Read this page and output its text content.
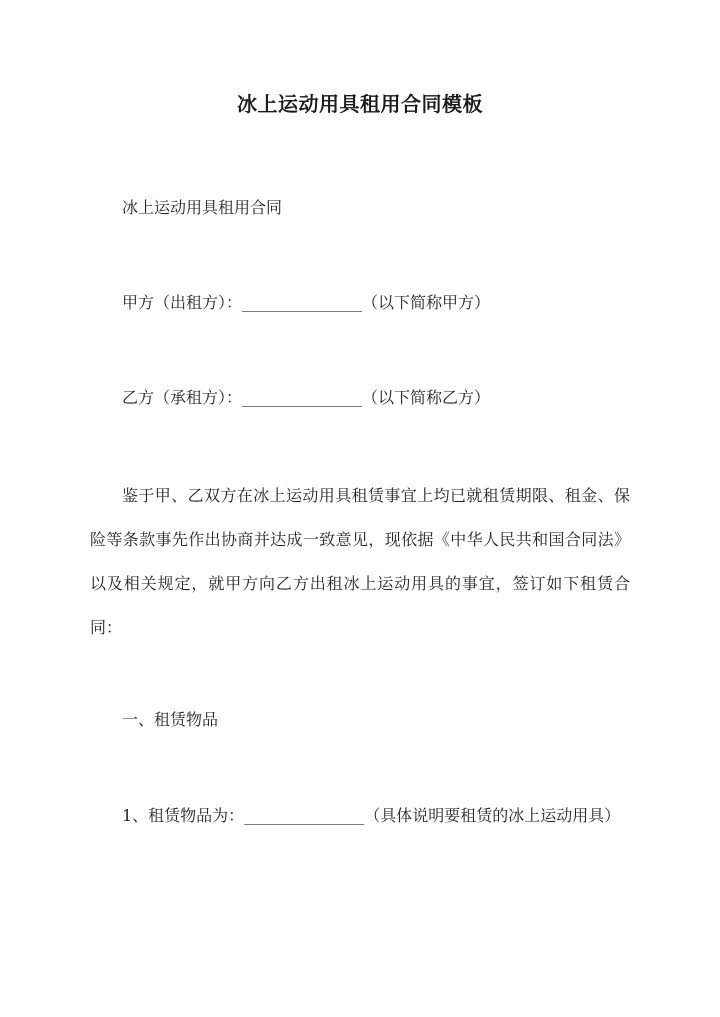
冰上运动用具租用合同模板

冰上运动用具租用合同

甲方（出租方）：_______________（以下简称甲方）

乙方（承租方）：_______________（以下简称乙方）

鉴于甲、乙双方在冰上运动用具租赁事宜上均已就租赁期限、租金、保险等条款事先作出协商并达成一致意见，现依据《中华人民共和国合同法》以及相关规定，就甲方向乙方出租冰上运动用具的事宜，签订如下租赁合同：

一、租赁物品

1、租赁物品为：_______________（具体说明要租赁的冰上运动用具）
